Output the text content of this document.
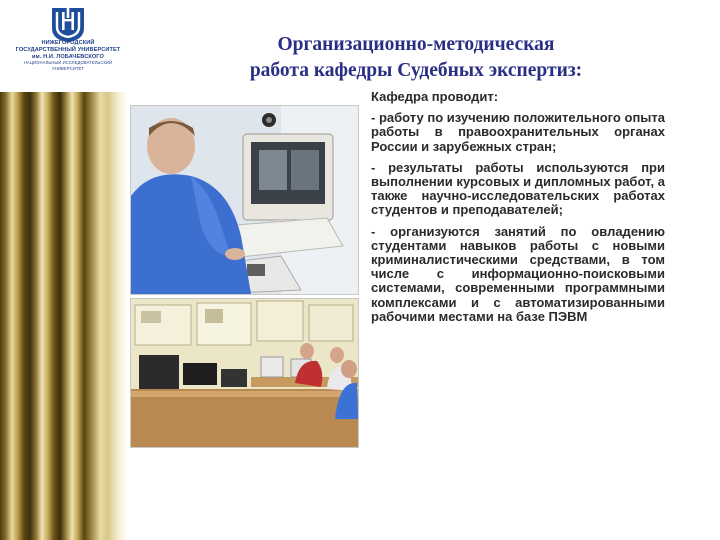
НИЖЕГОРОДСКИЙ
ГОСУДАРСТВЕННЫЙ УНИВЕРСИТЕТ
им. Н.И. ЛОБАЧЕВСКОГО
НАЦИОНАЛЬНЫЙ ИССЛЕДОВАТЕЛЬСКИЙ
УНИВЕРСИТЕТ
Организационно-методическая
работа кафедры Судебных экспертиз:
Кафедра проводит:

- работу по изучению положительного опыта работы в правоохранительных органах России и зарубежных стран;

- результаты работы используются при выполнении курсовых и дипломных работ, а также научно-исследовательских работах студентов и преподавателей;

- организуются занятий по овладению студентами навыков работы с новыми криминалистическими средствами, в том числе с информационно-поисковыми системами, современными программными комплексами и с автоматизированными рабочими местами на базе ПЭВМ
